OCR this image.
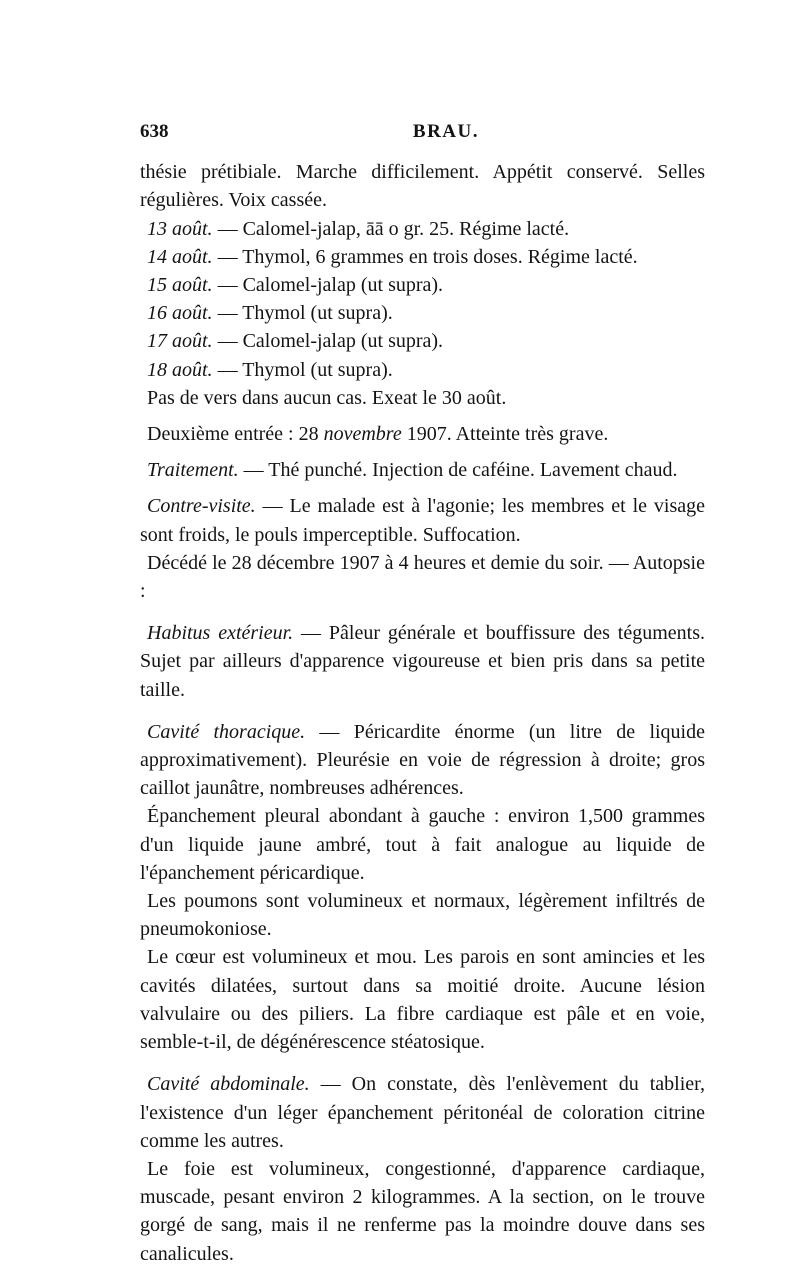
638	BRAU.

thésie prétibiale. Marche difficilement. Appétit conservé. Selles régulières. Voix cassée.

13 août. — Calomel-jalap, āā o gr. 25. Régime lacté.

14 août. — Thymol, 6 grammes en trois doses. Régime lacté.

15 août. — Calomel-jalap (ut supra).

16 août. — Thymol (ut supra).

17 août. — Calomel-jalap (ut supra).

18 août. — Thymol (ut supra).

Pas de vers dans aucun cas. Exeat le 30 août.

Deuxième entrée : 28 novembre 1907. Atteinte très grave.

Traitement. — Thé punché. Injection de caféine. Lavement chaud.

Contre-visite. — Le malade est à l'agonie; les membres et le visage sont froids, le pouls imperceptible. Suffocation.

Décédé le 28 décembre 1907 à 4 heures et demie du soir. — Autopsie :

Habitus extérieur. — Pâleur générale et bouffissure des téguments. Sujet par ailleurs d'apparence vigoureuse et bien pris dans sa petite taille.

Cavité thoracique. — Péricardite énorme (un litre de liquide approximativement). Pleurésie en voie de régression à droite; gros caillot jaunâtre, nombreuses adhérences.

Épanchement pleural abondant à gauche : environ 1,500 grammes d'un liquide jaune ambré, tout à fait analogue au liquide de l'épanchement péricardique.

Les poumons sont volumineux et normaux, légèrement infiltrés de pneumokoniose.

Le cœur est volumineux et mou. Les parois en sont amincies et les cavités dilatées, surtout dans sa moitié droite. Aucune lésion valvulaire ou des piliers. La fibre cardiaque est pâle et en voie, semble-t-il, de dégénérescence stéatosique.

Cavité abdominale. — On constate, dès l'enlèvement du tablier, l'existence d'un léger épanchement péritonéal de coloration citrine comme les autres.

Le foie est volumineux, congestionné, d'apparence cardiaque, muscade, pesant environ 2 kilogrammes. A la section, on le trouve gorgé de sang, mais il ne renferme pas la moindre douve dans ses canalicules.
